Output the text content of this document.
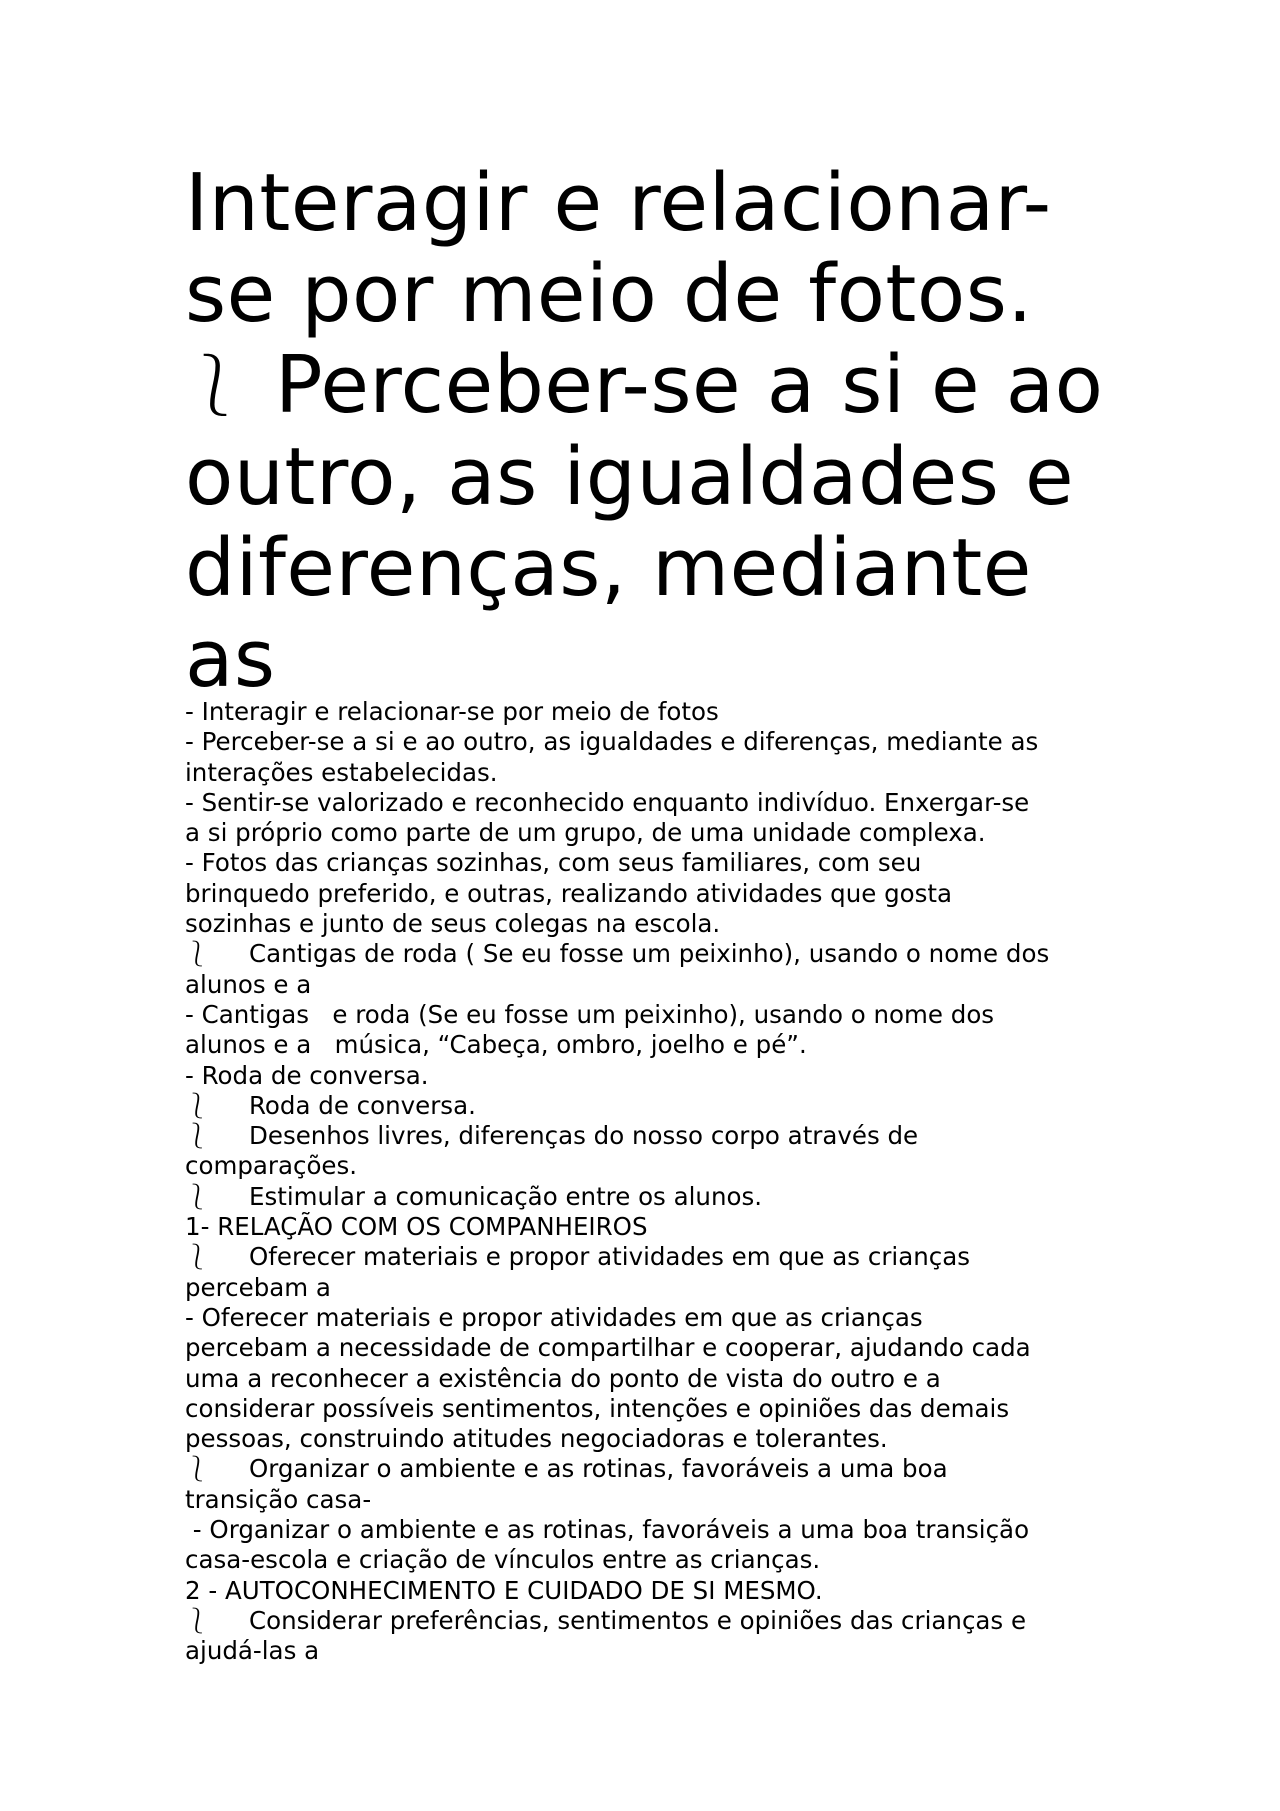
Interagir e relacionar-
se por meio de fotos.
⎱ Perceber-se a si e ao
outro, as igualdades e
diferenças, mediante
as
- Interagir e relacionar-se por meio de fotos
- Perceber-se a si e ao outro, as igualdades e diferenças, mediante as
interações estabelecidas.
- Sentir-se valorizado e reconhecido enquanto indivíduo. Enxergar-se
a si próprio como parte de um grupo, de uma unidade complexa.
- Fotos das crianças sozinhas, com seus familiares, com seu
brinquedo preferido, e outras, realizando atividades que gosta
sozinhas e junto de seus colegas na escola.
⎱ Cantigas de roda ( Se eu fosse um peixinho), usando o nome dos
alunos e a
- Cantigas   e roda (Se eu fosse um peixinho), usando o nome dos
alunos e a   música, “Cabeça, ombro, joelho e pé”.
- Roda de conversa.
⎱ Roda de conversa.
⎱ Desenhos livres, diferenças do nosso corpo através de
comparações.
⎱ Estimular a comunicação entre os alunos.
1- RELAÇÃO COM OS COMPANHEIROS
⎱ Oferecer materiais e propor atividades em que as crianças
percebam a
- Oferecer materiais e propor atividades em que as crianças
percebam a necessidade de compartilhar e cooperar, ajudando cada
uma a reconhecer a existência do ponto de vista do outro e a
considerar possíveis sentimentos, intenções e opiniões das demais
pessoas, construindo atitudes negociadoras e tolerantes.
⎱ Organizar o ambiente e as rotinas, favoráveis a uma boa
transição casa-
- Organizar o ambiente e as rotinas, favoráveis a uma boa transição
casa-escola e criação de vínculos entre as crianças.
2 - AUTOCONHECIMENTO E CUIDADO DE SI MESMO.
⎱ Considerar preferências, sentimentos e opiniões das crianças e
ajudá-las a
